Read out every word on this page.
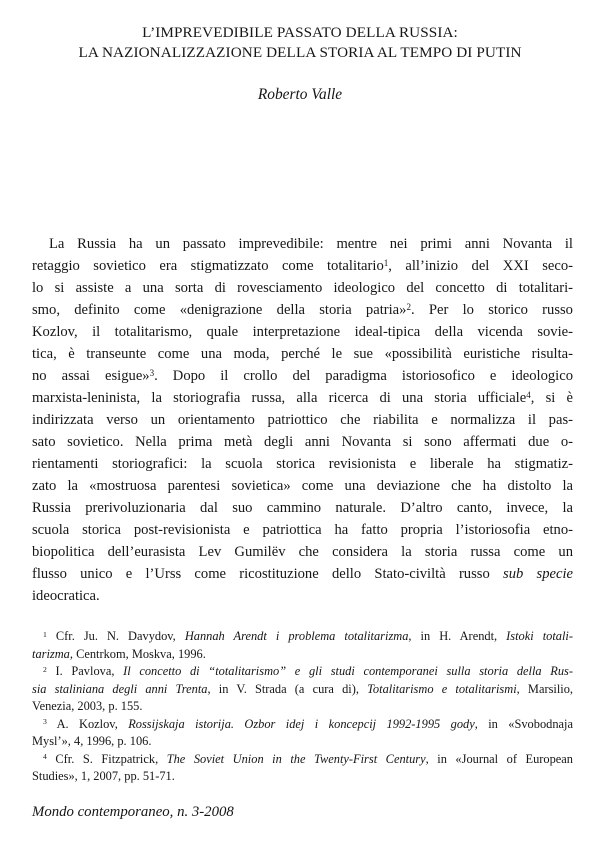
L’IMPREVEDIBILE PASSATO DELLA RUSSIA:
LA NAZIONALIZZAZIONE DELLA STORIA AL TEMPO DI PUTIN
Roberto Valle
La Russia ha un passato imprevedibile: mentre nei primi anni Novanta il
retaggio sovietico era stigmatizzato come totalitario$^1$, all’inizio del XXI seco-
lo si assiste a una sorta di rovesciamento ideologico del concetto di totalitari-
smo, definito come «denigrazione della storia patria»$^2$. Per lo storico russo
Kozlov, il totalitarismo, quale interpretazione ideal-tipica della vicenda sovie-
tica, è transeunte come una moda, perché le sue «possibilità euristiche risulta-
no assai esigue»$^3$. Dopo il crollo del paradigma istoriosofico e ideologico
marxista-leninista, la storiografia russa, alla ricerca di una storia ufficiale$^4$, si è
indirizzata verso un orientamento patriottico che riabilita e normalizza il pas-
sato sovietico. Nella prima metà degli anni Novanta si sono affermati due o-
rientamenti storiografici: la scuola storica revisionista e liberale ha stigmatiz-
zato la «mostruosa parentesi sovietica» come una deviazione che ha distolto la
Russia prerivoluzionaria dal suo cammino naturale. D’altro canto, invece, la
scuola storica post-revisionista e patriottica ha fatto propria l’istoriosofia etno-
biopolitica dell’eurasista Lev Gumilëv che considera la storia russa come un
flusso unico e l’Urss come ricostituzione dello Stato-civiltà russo sub specie
ideocratica.
$^1$ Cfr. Ju. N. Davydov, Hannah Arendt i problema totalitarizma, in H. Arendt, Istoki totali-
tarizma, Centrkom, Moskva, 1996.
$^2$ I. Pavlova, Il concetto di “totalitarismo” e gli studi contemporanei sulla storia della Rus-
sia staliniana degli anni Trenta, in V. Strada (a cura di), Totalitarismo e totalitarismi, Marsilio,
Venezia, 2003, p. 155.
$^3$ A. Kozlov, Rossijskaja istorija. Ozbor idej i koncepcij 1992-1995 gody, in «Svobodnaja
Mysl’», 4, 1996, p. 106.
$^4$ Cfr. S. Fitzpatrick, The Soviet Union in the Twenty-First Century, in «Journal of European
Studies», 1, 2007, pp. 51-71.
Mondo contemporaneo, n. 3-2008
